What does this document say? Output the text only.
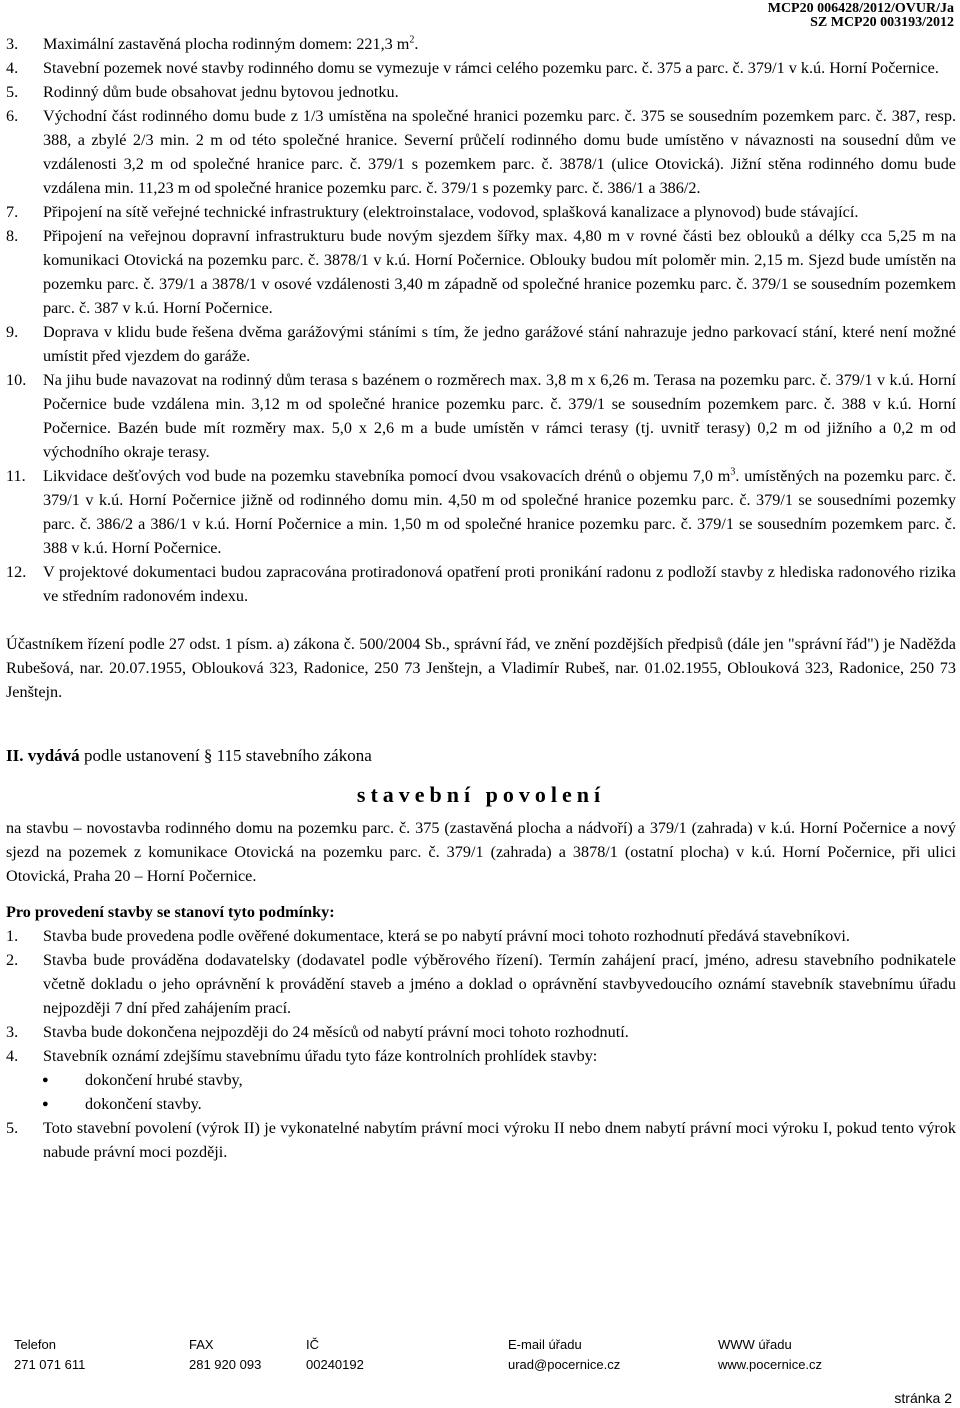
MCP20 006428/2012/OVUR/Ja
SZ MCP20 003193/2012
3. Maximální zastavěná plocha rodinným domem: 221,3 $m^2$.
4. Stavební pozemek nové stavby rodinného domu se vymezuje v rámci celého pozemku parc. č. 375 a parc. č. 379/1 v k.ú. Horní Počernice.
5. Rodinný dům bude obsahovat jednu bytovou jednotku.
6. Východní část rodinného domu bude z 1/3 umístěna na společné hranici pozemku parc. č. 375 se sousedním pozemkem parc. č. 387, resp. 388, a zbylé 2/3 min. 2 m od této společné hranice. Severní průčelí rodinného domu bude umístěno v návaznosti na sousední dům ve vzdálenosti 3,2 m od společné hranice parc. č. 379/1 s pozemkem parc. č. 3878/1 (ulice Otovická). Jižní stěna rodinného domu bude vzdálena min. 11,23 m od společné hranice pozemku parc. č. 379/1 s pozemky parc. č. 386/1 a 386/2.
7. Připojení na sítě veřejné technické infrastruktury (elektroinstalace, vodovod, splašková kanalizace a plynovod) bude stávající.
8. Připojení na veřejnou dopravní infrastrukturu bude novým sjezdem šířky max. 4,80 m v rovné části bez oblouků a délky cca 5,25 m na komunikaci Otovická na pozemku parc. č. 3878/1 v k.ú. Horní Počernice. Oblouky budou mít poloměr min. 2,15 m. Sjezd bude umístěn na pozemku parc. č. 379/1 a 3878/1 v osové vzdálenosti 3,40 m západně od společné hranice pozemku parc. č. 379/1 se sousedním pozemkem parc. č. 387 v k.ú. Horní Počernice.
9. Doprava v klidu bude řešena dvěma garážovými stáními s tím, že jedno garážové stání nahrazuje jedno parkovací stání, které není možné umístit před vjezdem do garáže.
10. Na jihu bude navazovat na rodinný dům terasa s bazénem o rozměrech max. 3,8 m x 6,26 m. Terasa na pozemku parc. č. 379/1 v k.ú. Horní Počernice bude vzdálena min. 3,12 m od společné hranice pozemku parc. č. 379/1 se sousedním pozemkem parc. č. 388 v k.ú. Horní Počernice. Bazén bude mít rozměry max. 5,0 x 2,6 m a bude umístěn v rámci terasy (tj. uvnitř terasy) 0,2 m od jižního a 0,2 m od východního okraje terasy.
11. Likvidace dešťových vod bude na pozemku stavebníka pomocí dvou vsakovacích drénů o objemu 7,0 $m^3$. umístěných na pozemku parc. č. 379/1 v k.ú. Horní Počernice jižně od rodinného domu min. 4,50 m od společné hranice pozemku parc. č. 379/1 se sousedními pozemky parc. č. 386/2 a 386/1 v k.ú. Horní Počernice a min. 1,50 m od společné hranice pozemku parc. č. 379/1 se sousedním pozemkem parc. č. 388 v k.ú. Horní Počernice.
12. V projektové dokumentaci budou zapracována protiradonová opatření proti pronikání radonu z podloží stavby z hlediska radonového rizika ve středním radonovém indexu.
Účastníkem řízení podle 27 odst. 1 písm. a) zákona č. 500/2004 Sb., správní řád, ve znění pozdějších předpisů (dále jen "správní řád") je Naděžda Rubešová, nar. 20.07.1955, Oblouková 323, Radonice, 250 73 Jenštejn, a Vladimír Rubeš, nar. 01.02.1955, Oblouková 323, Radonice, 250 73 Jenštejn.
II. vydává podle ustanovení § 115 stavebního zákona
stavební povolení
na stavbu – novostavba rodinného domu na pozemku parc. č. 375 (zastavěná plocha a nádvoří) a 379/1 (zahrada) v k.ú. Horní Počernice a nový sjezd na pozemek z komunikace Otovická na pozemku parc. č. 379/1 (zahrada) a 3878/1 (ostatní plocha) v k.ú. Horní Počernice, při ulici Otovická, Praha 20 – Horní Počernice.
Pro provedení stavby se stanoví tyto podmínky:
1. Stavba bude provedena podle ověřené dokumentace, která se po nabytí právní moci tohoto rozhodnutí předává stavebníkovi.
2. Stavba bude prováděna dodavatelsky (dodavatel podle výběrového řízení). Termín zahájení prací, jméno, adresu stavebního podnikatele včetně dokladu o jeho oprávnění k provádění staveb a jméno a doklad o oprávnění stavbyvedoucího oznámí stavebník stavebnímu úřadu nejpozději 7 dní před zahájením prací.
3. Stavba bude dokončena nejpozději do 24 měsíců od nabytí právní moci tohoto rozhodnutí.
4. Stavebník oznámí zdejšímu stavebnímu úřadu tyto fáze kontrolních prohlídek stavby:
● dokončení hrubé stavby,
● dokončení stavby.
5. Toto stavební povolení (výrok II) je vykonatelné nabytím právní moci výroku II nebo dnem nabytí právní moci výroku I, pokud tento výrok nabude právní moci později.
Telefon
271 071 611
FAX
281 920 093
IČ
00240192
E-mail úřadu
urad@pocernice.cz
WWW úřadu
www.pocernice.cz
stránka 2
